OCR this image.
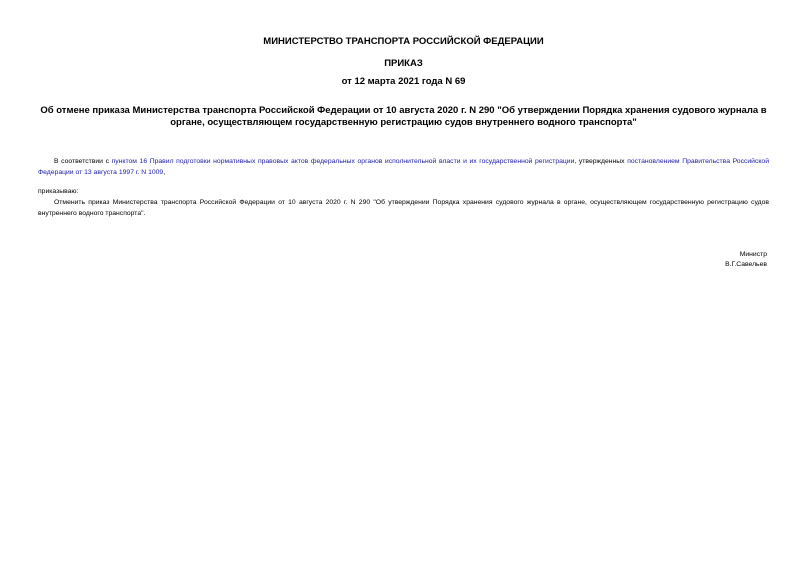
МИНИСТЕРСТВО ТРАНСПОРТА РОССИЙСКОЙ ФЕДЕРАЦИИ

ПРИКАЗ

от 12 марта 2021 года N 69

Об отмене приказа Министерства транспорта Российской Федерации от 10 августа 2020 г. N 290 "Об утверждении Порядка хранения судового журнала в органе, осуществляющем государственную регистрацию судов внутреннего водного транспорта"

В соответствии с пунктом 16 Правил подготовки нормативных правовых актов федеральных органов исполнительной власти и их государственной регистрации, утвержденных постановлением Правительства Российской Федерации от 13 августа 1997 г. N 1009,

приказываю:

Отменить приказ Министерства транспорта Российской Федерации от 10 августа 2020 г. N 290 "Об утверждении Порядка хранения судового журнала в органе, осуществляющем государственную регистрацию судов внутреннего водного транспорта".

Министр

В.Г.Савельев
